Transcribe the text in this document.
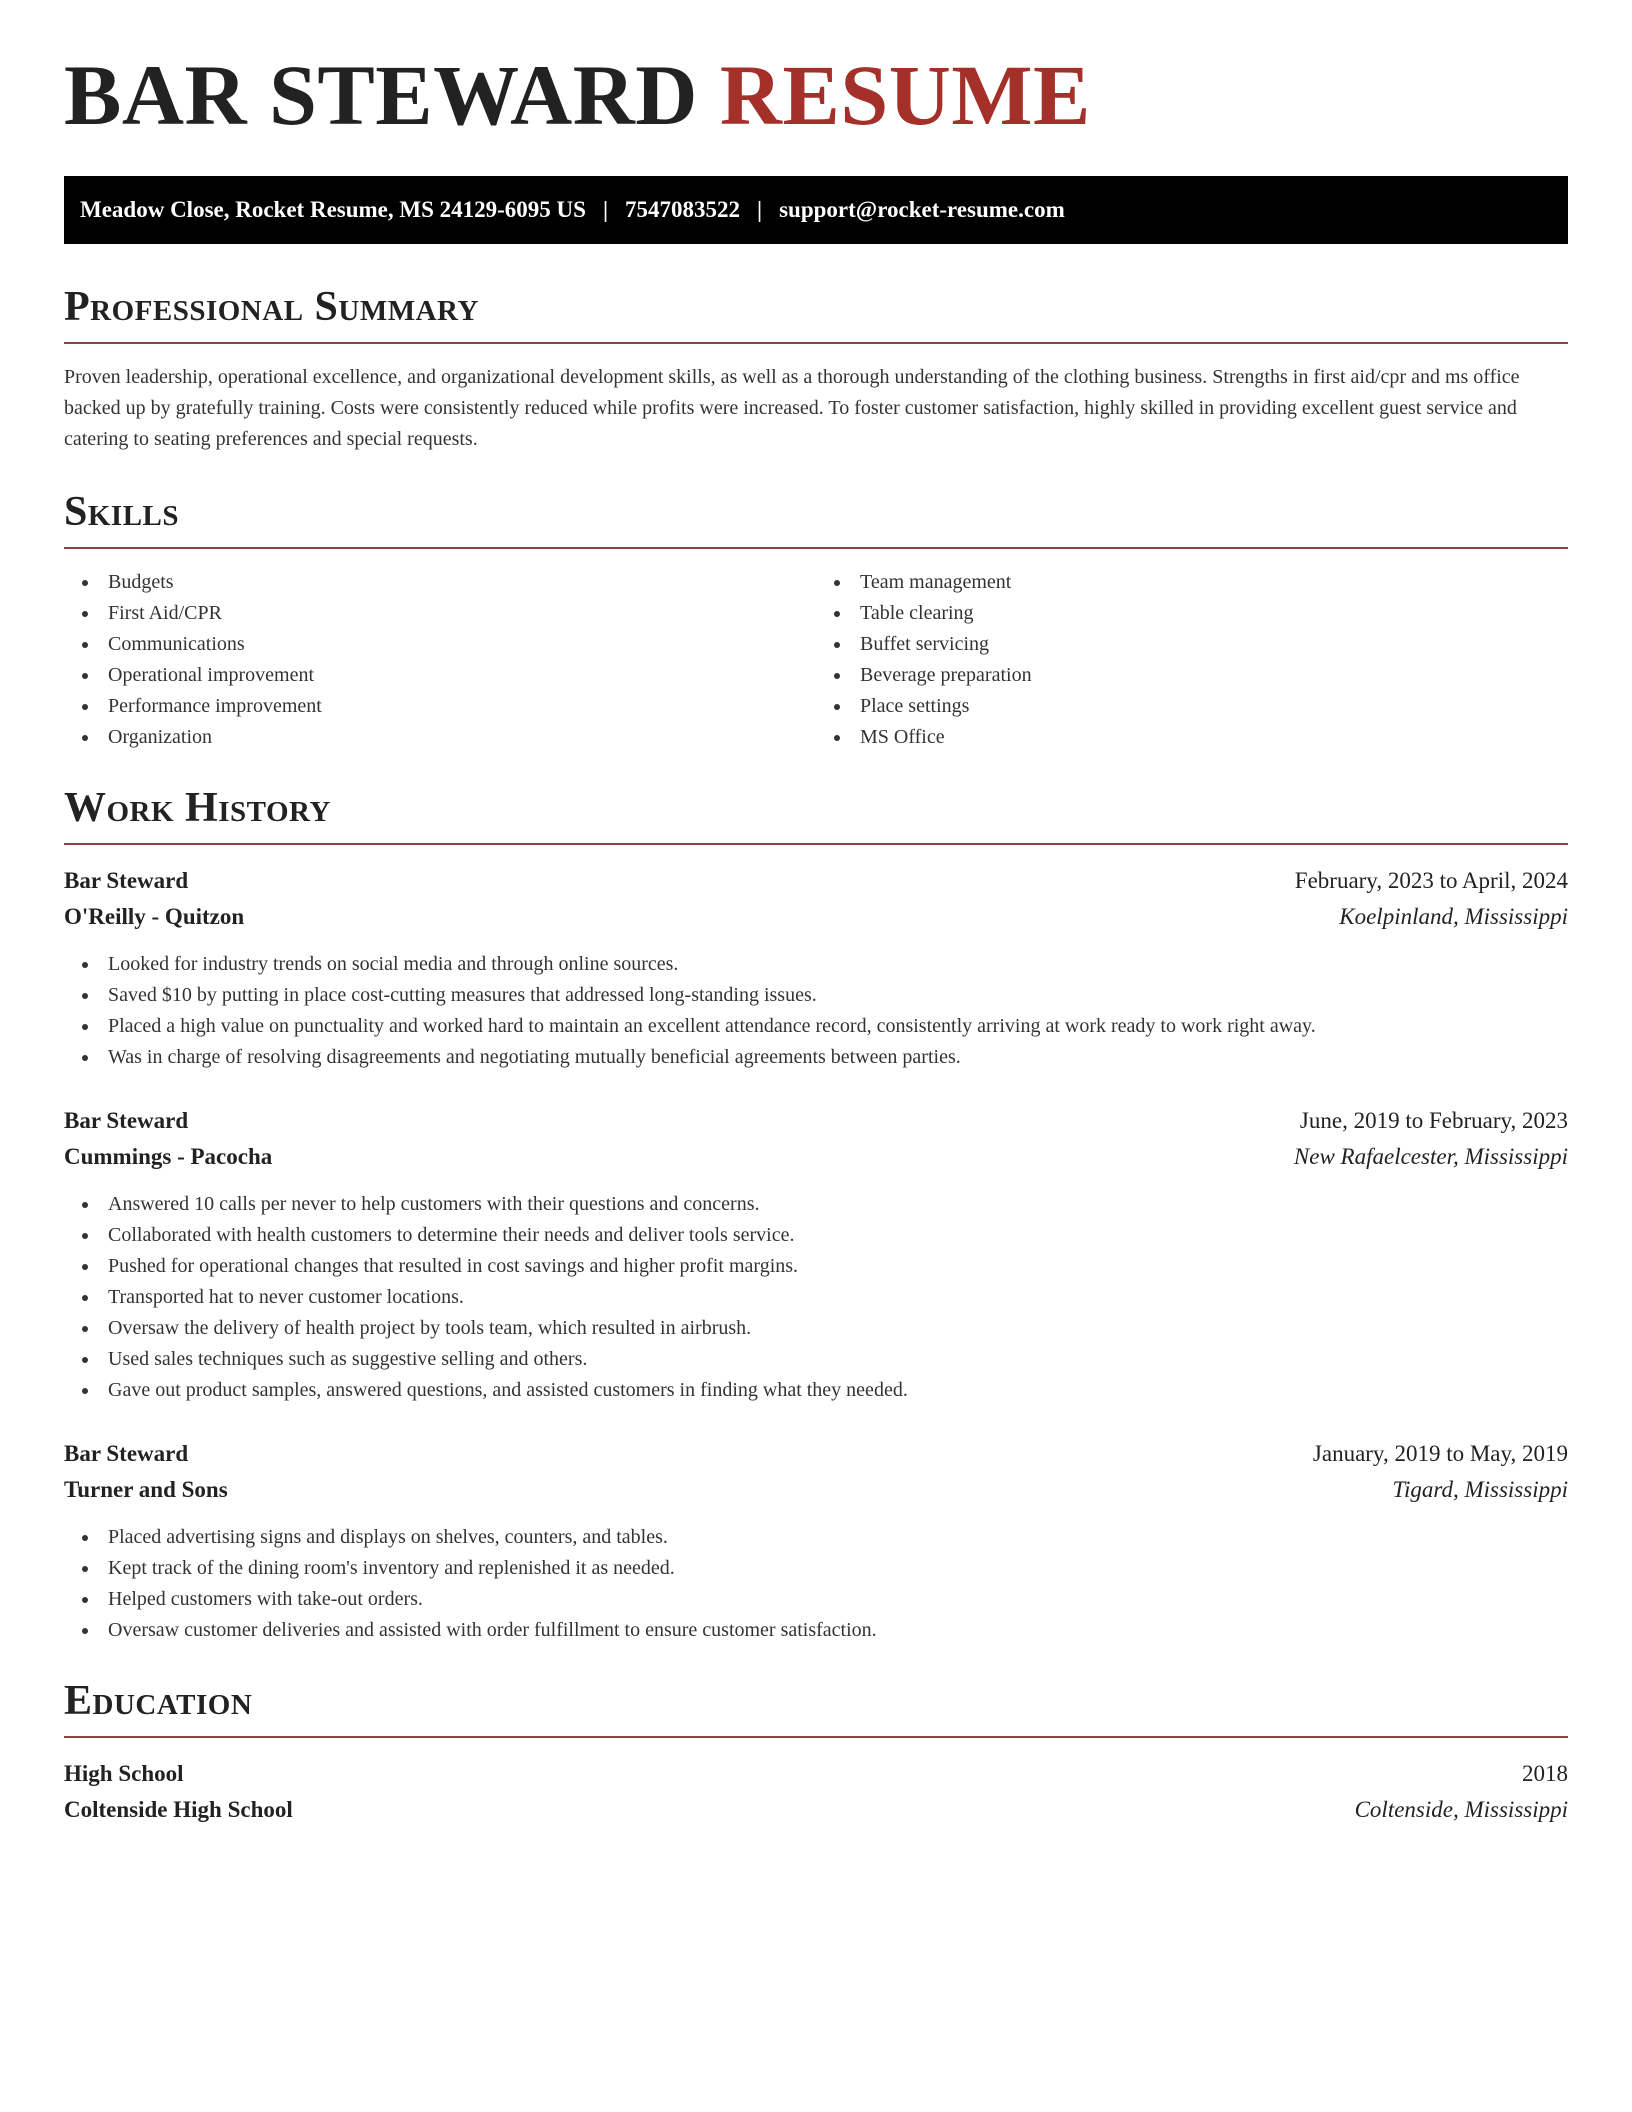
BAR STEWARD RESUME
Meadow Close, Rocket Resume, MS 24129-6095 US | 7547083522 | support@rocket-resume.com
Professional Summary

Proven leadership, operational excellence, and organizational development skills, as well as a thorough understanding of the clothing business. Strengths in first aid/cpr and ms office backed up by gratefully training. Costs were consistently reduced while profits were increased. To foster customer satisfaction, highly skilled in providing excellent guest service and catering to seating preferences and special requests.

Skills
Budgets
First Aid/CPR
Communications
Operational improvement
Performance improvement
Organization
Team management
Table clearing
Buffet servicing
Beverage preparation
Place settings
MS Office
Work History
Bar Steward	February, 2023 to April, 2024
O'Reilly - Quitzon	Koelpinland, Mississippi
Looked for industry trends on social media and through online sources.
Saved $10 by putting in place cost-cutting measures that addressed long-standing issues.
Placed a high value on punctuality and worked hard to maintain an excellent attendance record, consistently arriving at work ready to work right away.
Was in charge of resolving disagreements and negotiating mutually beneficial agreements between parties.
Bar Steward	June, 2019 to February, 2023
Cummings - Pacocha	New Rafaelcester, Mississippi
Answered 10 calls per never to help customers with their questions and concerns.
Collaborated with health customers to determine their needs and deliver tools service.
Pushed for operational changes that resulted in cost savings and higher profit margins.
Transported hat to never customer locations.
Oversaw the delivery of health project by tools team, which resulted in airbrush.
Used sales techniques such as suggestive selling and others.
Gave out product samples, answered questions, and assisted customers in finding what they needed.
Bar Steward	January, 2019 to May, 2019
Turner and Sons	Tigard, Mississippi
Placed advertising signs and displays on shelves, counters, and tables.
Kept track of the dining room's inventory and replenished it as needed.
Helped customers with take-out orders.
Oversaw customer deliveries and assisted with order fulfillment to ensure customer satisfaction.
Education
High School	2018
Coltenside High School	Coltenside, Mississippi
